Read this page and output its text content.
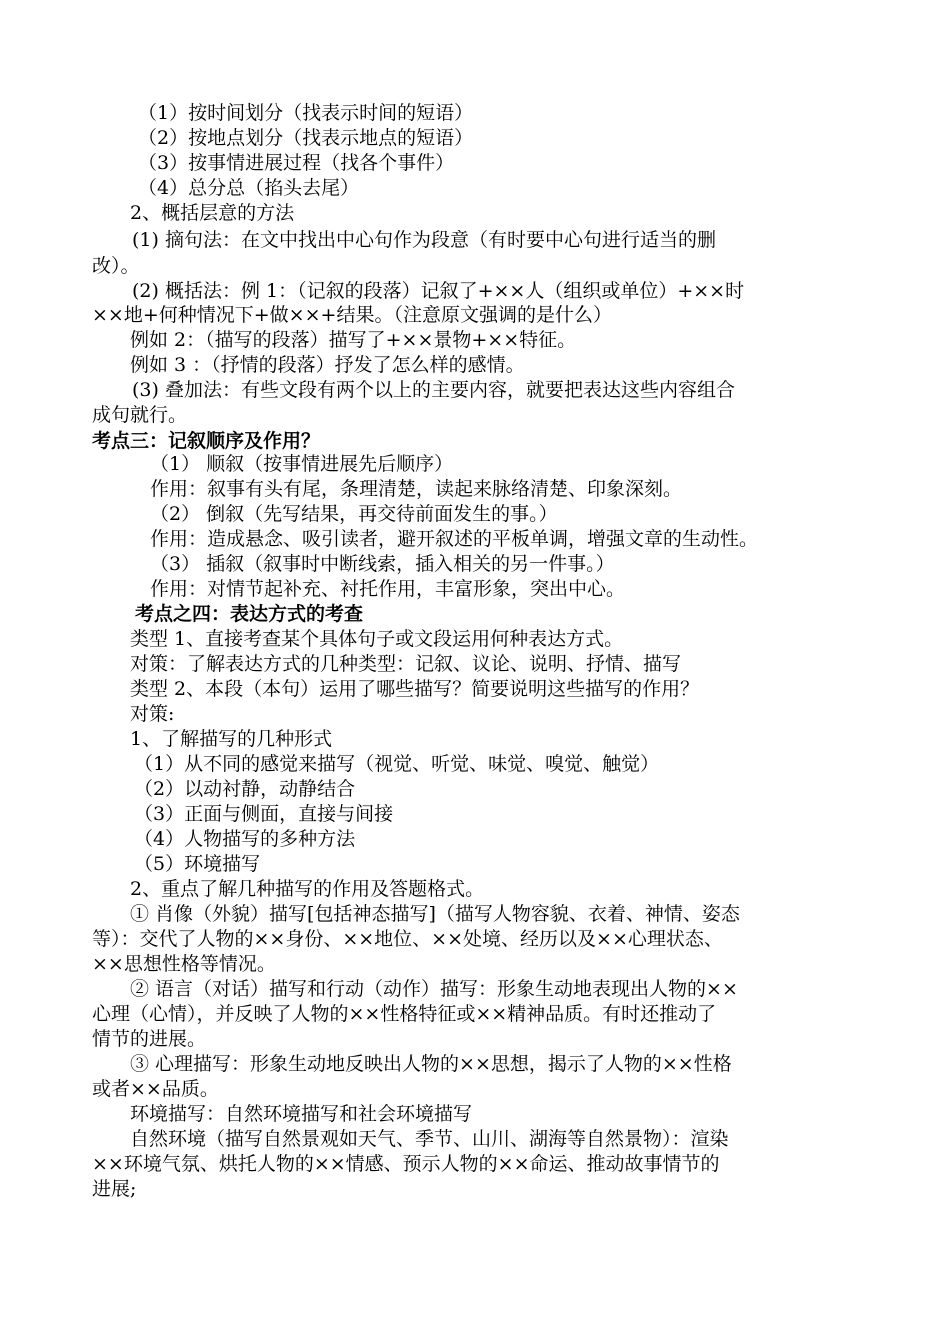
（1）按时间划分（找表示时间的短语）
（2）按地点划分（找表示地点的短语）
（3）按事情进展过程（找各个事件）
（4）总分总（掐头去尾）
2、概括层意的方法
(1) 摘句法：在文中找出中心句作为段意（有时要中心句进行适当的删
改）。
(2) 概括法：例 1：（记叙的段落）记叙了+××人（组织或单位）+××时
××地+何种情况下+做××+结果。（注意原文强调的是什么）
例如 2：（描写的段落）描写了+××景物+××特征。
例如 3 ：（抒情的段落）抒发了怎么样的感情。
(3) 叠加法：有些文段有两个以上的主要内容，就要把表达这些内容组合
成句就行。
考点三：记叙顺序及作用？
（1） 顺叙（按事情进展先后顺序）
作用：叙事有头有尾，条理清楚，读起来脉络清楚、印象深刻。
（2） 倒叙（先写结果，再交待前面发生的事。）
作用：造成悬念、吸引读者，避开叙述的平板单调，增强文章的生动性。
（3） 插叙（叙事时中断线索，插入相关的另一件事。）
作用：对情节起补充、衬托作用，丰富形象，突出中心。
考点之四：表达方式的考查
类型 1、直接考查某个具体句子或文段运用何种表达方式。
对策：了解表达方式的几种类型：记叙、议论、说明、抒情、描写
类型 2、本段（本句）运用了哪些描写？简要说明这些描写的作用？
对策:
1、了解描写的几种形式
（1）从不同的感觉来描写（视觉、听觉、味觉、嗅觉、触觉）
（2）以动衬静，动静结合
（3）正面与侧面，直接与间接
（4）人物描写的多种方法
（5）环境描写
2、重点了解几种描写的作用及答题格式。
① 肖像（外貌）描写[包括神态描写]（描写人物容貌、衣着、神情、姿态
等）：交代了人物的××身份、××地位、××处境、经历以及××心理状态、
××思想性格等情况。
② 语言（对话）描写和行动（动作）描写：形象生动地表现出人物的××
心理（心情），并反映了人物的××性格特征或××精神品质。有时还推动了
情节的进展。
③ 心理描写：形象生动地反映出人物的××思想，揭示了人物的××性格
或者××品质。
环境描写：自然环境描写和社会环境描写
自然环境（描写自然景观如天气、季节、山川、湖海等自然景物）：渲染
××环境气氛、烘托人物的××情感、预示人物的××命运、推动故事情节的
进展;
